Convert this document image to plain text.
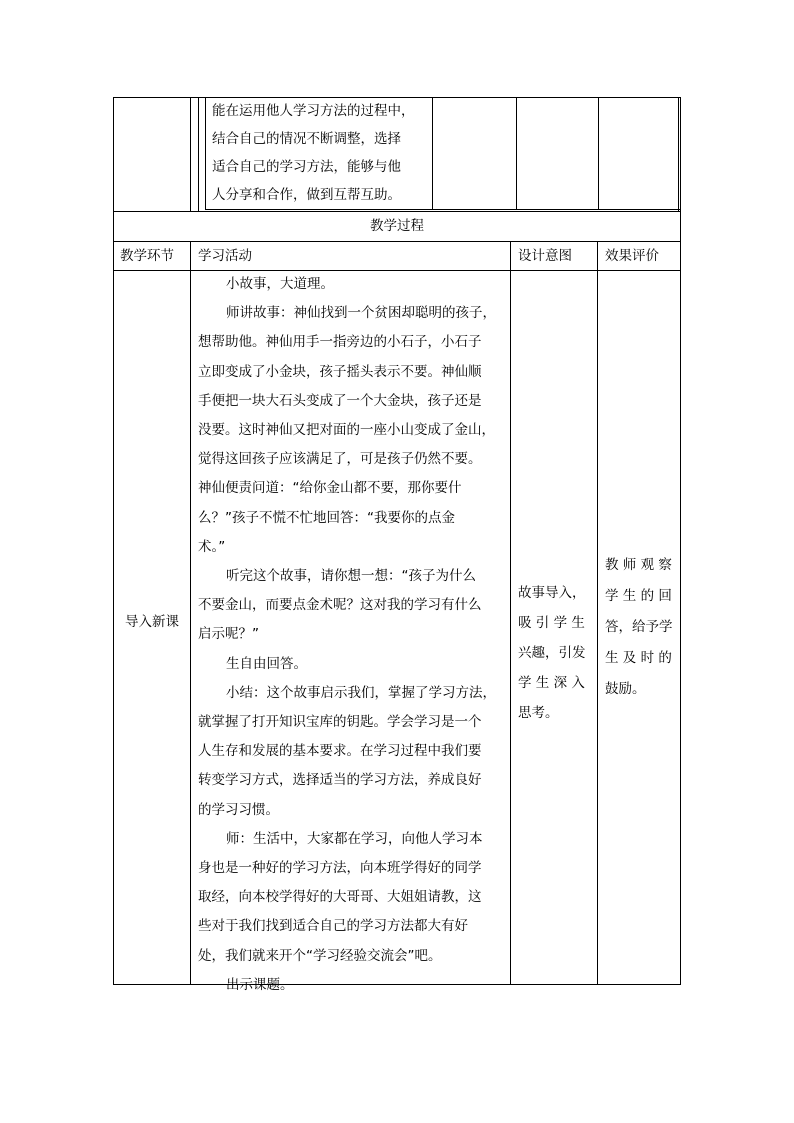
能在运用他人学习方法的过程中，
结合自己的情况不断调整，选择
适合自己的学习方法，能够与他
人分享和合作，做到互帮互助。
教学过程
教学环节 学习活动	设计意图 效果评价
导入新课

小故事，大道理。

师讲故事：神仙找到一个贫困却聪明的孩子，

想帮助他。神仙用手一指旁边的小石子，小石子

立即变成了小金块，孩子摇头表示不要。神仙顺

手便把一块大石头变成了一个大金块，孩子还是

没要。这时神仙又把对面的一座小山变成了金山，

觉得这回孩子应该满足了，可是孩子仍然不要。

神仙便责问道：“给你金山都不要，那你要什

么？”孩子不慌不忙地回答：“我要你的点金

术。”

听完这个故事，请你想一想：“孩子为什么

不要金山，而要点金术呢？这对我的学习有什么

启示呢？”

生自由回答。

小结：这个故事启示我们，掌握了学习方法，

就掌握了打开知识宝库的钥匙。学会学习是一个

人生存和发展的基本要求。在学习过程中我们要

转变学习方式，选择适当的学习方法，养成良好

的学习习惯。

师：生活中，大家都在学习，向他人学习本

身也是一种好的学习方法，向本班学得好的同学

取经，向本校学得好的大哥哥、大姐姐请教，这

些对于我们找到适合自己的学习方法都大有好

处，我们就来开个“学习经验交流会”吧。

出示课题。

故事导入，
吸 引 学 生
兴趣，引发
学 生 深 入
思考。
教 师 观 察
学 生 的 回
答，给予学
生 及 时 的
鼓励。
